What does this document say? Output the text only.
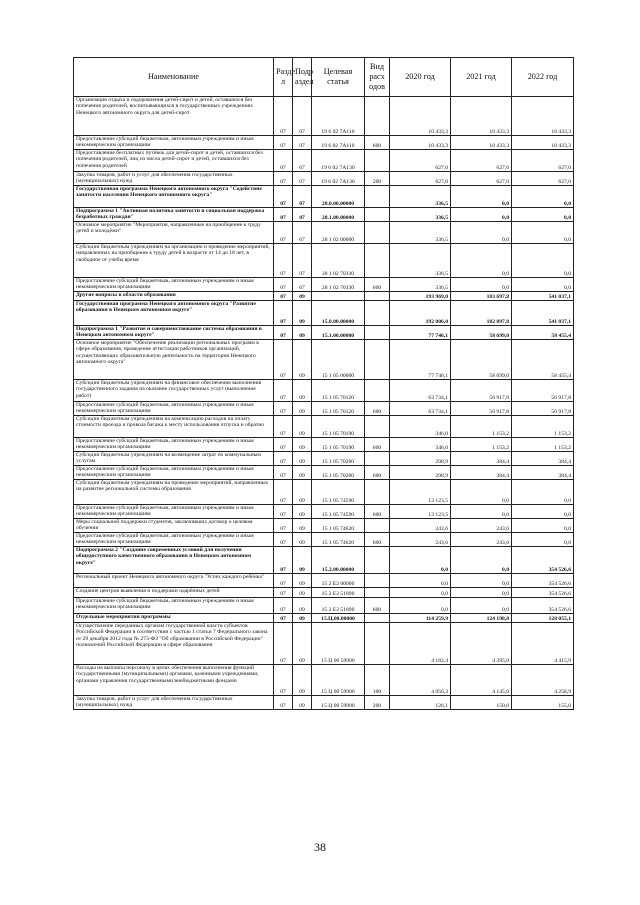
Наименование	Разде л	Подр аздел	Целевая статья	Вид расх одов	2020 год	2021 год	2022 год
Организация отдыха и оздоровления детей-сирот и детей, оставшихся без попечения родителей, воспитывающихся в государственных учреждениях Ненецкого автономного округа для детей-сирот	07	07	19 6 02 7А110		10 433,3	10 433,3	10 433,3
Предоставление субсидий бюджетным, автономным учреждениям и иным некоммерческим организациям	07	07	19 6 02 7А110	600	10 433,3	10 433,3	10 433,3
Предоставление бесплатных путёвок для детей-сирот и детей, оставшихся без попечения родителей, лиц из числа детей-сирот и детей, оставшихся без попечения родителей	07	07	19 6 02 7А130		627,0	627,0	627,0
Закупка товаров, работ и услуг для обеспечения государственных (муниципальных) нужд	07	07	19 6 02 7А130	200	627,0	627,0	627,0
Государственная программа Ненецкого автономного округа "Содействие занятости населения Ненецкого автономного округа"	07	07	28.0.00.00000		336,5	0,0	0,0
Подпрограмма 1 "Активная политика занятости и социальная поддержка безработных граждан"	07	07	28.1.00.00000		336,5	0,0	0,0
Основное мероприятие "Мероприятия, направленные на приобщение к труду детей и молодёжи"	07	07	28 1 02 00000		336,5	0,0	0,0
Субсидии бюджетным учреждениям на организацию и проведение мероприятий, направленных на приобщение к труду детей в возрасте от 14 до 18 лет, в свободное от учебы время	07	07	28 1 02 70330		336,5	0,0	0,0
Предоставление субсидий бюджетным, автономным учреждениям и иным некоммерческим организациям	07	07	28 1 02 70330	600	336,5	0,0	0,0
Другие вопросы в области образования	07	09			193 969,0	183 697,8	541 037,1
Государственная программа Ненецкого автономного округа "Развитие образования в Ненецком автономном округе"	07	09	15.0.00.00000		192 006,0	182 897,8	541 037,1
Подпрограмма 1 "Развитие и совершенствование системы образования в Ненецком автономном округе"	07	09	15.1.00.00000		77 746,1	58 699,0	58 455,4
Основное мероприятие "Обеспечение реализации региональных программ в сфере образования, проведение аттестации работников организаций, осуществляющих образовательную деятельность на территории Ненецкого автономного округа"	07	09	15 1 05 00000		77 746,1	58 699,0	58 455,4
Субсидии бюджетным учреждениям на финансовое обеспечение выполнения государственного задания на оказание государственных услуг (выполнение работ)	07	09	15 1 05 70120		63 734,1	56 917,8	56 917,8
Предоставление субсидий бюджетным, автономным учреждениям и иным некоммерческим организациям	07	09	15 1 05 70120	600	63 734,1	56 917,8	56 917,8
Субсидии бюджетным учреждениям на компенсацию расходов на оплату стоимости проезда и провоза багажа к месту использования отпуска и обратно	07	09	15 1 05 70190		346,0	1 153,2	1 153,2
Предоставление субсидий бюджетным, автономным учреждениям и иным некоммерческим организациям	07	09	15 1 05 70190	600	346,0	1 153,2	1 153,2
Субсидии бюджетным учреждениям на возмещение затрат по коммунальным услугам	07	09	15 1 05 70200		298,9	384,4	384,4
Предоставление субсидий бюджетным, автономным учреждениям и иным некоммерческим организациям	07	09	15 1 05 70200	600	298,9	384,4	384,4
Субсидии бюджетным учреждениям на проведение мероприятий, направленных на развитие региональной системы образования	07	09	15 1 05 74590		13 123,5	0,0	0,0
Предоставление субсидий бюджетным, автономным учреждениям и иным некоммерческим организациям	07	09	15 1 05 74590	600	13 123,5	0,0	0,0
Меры социальной поддержки студентов, заключивших договор о целевом обучении	07	09	15 1 05 74620		243,6	243,6	0,0
Предоставление субсидий бюджетным, автономным учреждениям и иным некоммерческим организациям	07	09	15 1 05 74620	600	243,6	243,6	0,0
Подпрограмма 2 "Создание современных условий для получения общедоступного качественного образования в Ненецком автономном округе"	07	09	15.2.00.00000		0,0	0,0	354 526,6
Региональный проект Ненецкого автономного округа "Успех каждого ребёнка"	07	09	15 2 Е2 00000		0,0	0,0	354 526,6
Создание центров выявления и поддержки одарённых детей	07	09	15 2 Е2 51890		0,0	0,0	354 526,6
Предоставление субсидий бюджетным, автономным учреждениям и иным некоммерческим организациям	07	09	15 2 Е2 51890	600	0,0	0,0	354 526,6
Отдельные мероприятия программы	07	09	15.Ц.00.00000		114 259,9	124 198,8	128 055,1
Осуществление переданных органам государственной власти субъектов Российской Федерации в соответствии с частью 1 статьи 7 Федерального закона от 29 декабря 2012 года № 273-ФЗ "Об образовании в Российской Федерации" полномочий Российской Федерации в сфере образования	07	09	15 Ц 00 59900		4 182,4	4 295,0	4 415,9
Расходы на выплаты персоналу в целях обеспечения выполнения функций государственными (муниципальными) органами, казенными учреждениями, органами управления государственными внебюджетными фондами	07	09	15 Ц 00 59900	100	4 056,3	4 145,0	4 258,9
Закупка товаров, работ и услуг для обеспечения государственных (муниципальных) нужд	07	09	15 Ц 00 59900	200	126,1	150,0	155,0
38
